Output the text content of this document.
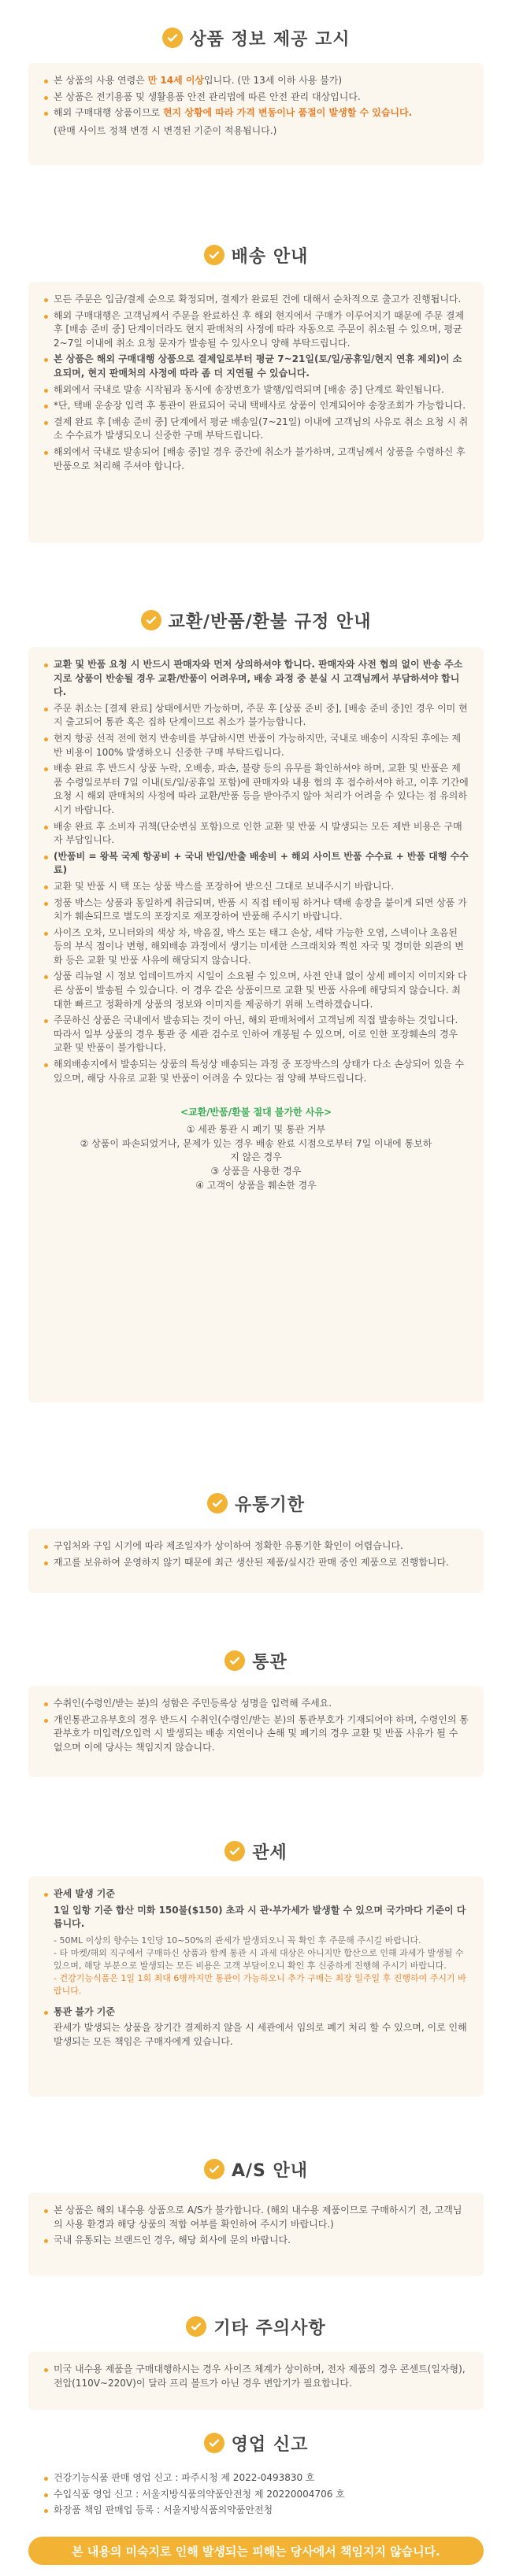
상품 정보 제공 고시
본 상품의 사용 연령은 만 14세 이상입니다. (만 13세 이하 사용 불가)
본 상품은 전기용품 및 생활용품 안전 관리법에 따른 안전 관리 대상입니다.
해외 구매대행 상품이므로 현지 상황에 따라 가격 변동이나 품절이 발생할 수 있습니다.
(판매 사이트 정책 변경 시 변경된 기준이 적용됩니다.)
배송 안내
모든 주문은 입금/결제 순으로 확정되며, 결제가 완료된 건에 대해서 순차적으로 출고가 진행됩니다.
해외 구매대행은 고객님께서 주문을 완료하신 후 해외 현지에서 구매가 이루어지기 때문에 주문 결제 후 [배송 준비 중] 단계이더라도 현지 판매처의 사정에 따라 자동으로 주문이 취소될 수 있으며, 평균 2~7일 이내에 취소 요청 문자가 발송될 수 있사오니 양해 부탁드립니다.
본 상품은 해외 구매대행 상품으로 결제일로부터 평균 7~21일(토/일/공휴일/현지 연휴 제외)이 소요되며, 현지 판매처의 사정에 따라 좀 더 지연될 수 있습니다.
해외에서 국내로 발송 시작됨과 동시에 송장번호가 발행/입력되며 [배송 중] 단계로 확인됩니다.
*단, 택배 운송장 입력 후 통관이 완료되어 국내 택배사로 상품이 인계되어야 송장조회가 가능합니다.
결제 완료 후 [배송 준비 중] 단계에서 평균 배송일(7~21일) 이내에 고객님의 사유로 취소 요청 시 취소 수수료가 발생되오니 신중한 구매 부탁드립니다.
해외에서 국내로 발송되어 [배송 중]일 경우 중간에 취소가 불가하며, 고객님께서 상품을 수령하신 후 반품으로 처리해 주셔야 합니다.
교환/반품/환불 규정 안내
교환 및 반품 요청 시 반드시 판매자와 먼저 상의하셔야 합니다. 판매자와 사전 협의 없이 반송 주소지로 상품이 반송될 경우 교환/반품이 어려우며, 배송 과정 중 분실 시 고객님께서 부담하셔야 합니다.
주문 취소는 [결제 완료] 상태에서만 가능하며, 주문 후 [상품 준비 중], [배송 준비 중]인 경우 이미 현지 출고되어 통관 혹은 집하 단계이므로 취소가 불가능합니다.
현지 항공 선적 전에 현지 반송비를 부담하시면 반품이 가능하지만, 국내로 배송이 시작된 후에는 제반 비용이 100% 발생하오니 신중한 구매 부탁드립니다.
배송 완료 후 반드시 상품 누락, 오배송, 파손, 불량 등의 유무를 확인하셔야 하며, 교환 및 반품은 제품 수령일로부터 7일 이내(토/일/공휴일 포함)에 판매자와 내용 협의 후 접수하셔야 하고, 이후 기간에 요청 시 해외 판매처의 사정에 따라 교환/반품 등을 받아주지 않아 처리가 어려울 수 있다는 점 유의하시기 바랍니다.
배송 완료 후 소비자 귀책(단순변심 포함)으로 인한 교환 및 반품 시 발생되는 모든 제반 비용은 구매자 부담입니다.
(반품비 = 왕복 국제 항공비 + 국내 반입/반출 배송비 + 해외 사이트 반품 수수료 + 반품 대행 수수료)
교환 및 반품 시 택 또는 상품 박스를 포장하여 받으신 그대로 보내주시기 바랍니다.
정품 박스는 상품과 동일하게 취급되며, 반품 시 직접 테이핑 하거나 택배 송장을 붙이게 되면 상품 가치가 훼손되므로 별도의 포장지로 재포장하여 반품해 주시기 바랍니다.
사이즈 오차, 모니터와의 색상 차, 박음질, 박스 또는 태그 손상, 세탁 가능한 오염, 스넥이나 초음된 등의 부식 점이나 변형, 해외배송 과정에서 생기는 미세한 스크래치와 찍힌 자국 및 경미한 외관의 변화 등은 교환 및 반품 사유에 해당되지 않습니다.
상품 리뉴얼 시 정보 업데이트까지 시일이 소요될 수 있으며, 사전 안내 없이 상세 페이지 이미지와 다른 상품이 발송될 수 있습니다. 이 경우 같은 상품이므로 교환 및 반품 사유에 해당되지 않습니다. 최대한 빠르고 정확하게 상품의 정보와 이미지를 제공하기 위해 노력하겠습니다.
주문하신 상품은 국내에서 발송되는 것이 아닌, 해외 판매처에서 고객님께 직접 발송하는 것입니다. 따라서 일부 상품의 경우 통관 중 세관 검수로 인하여 개봉될 수 있으며, 이로 인한 포장훼손의 경우 교환 및 반품이 불가합니다.
해외배송지에서 발송되는 상품의 특성상 배송되는 과정 중 포장박스의 상태가 다소 손상되어 있을 수 있으며, 해당 사유로 교환 및 반품이 어려울 수 있다는 점 양해 부탁드립니다.
<교환/반품/환불 절대 불가한 사유>
① 세관 통관 시 폐기 및 통관 거부
② 상품이 파손되었거나, 문제가 있는 경우 배송 완료 시점으로부터 7일 이내에 통보하지 않은 경우
③ 상품을 사용한 경우
④ 고객이 상품을 훼손한 경우
유통기한
구입처와 구입 시기에 따라 제조일자가 상이하여 정확한 유통기한 확인이 어렵습니다.
재고를 보유하여 운영하지 않기 때문에 최근 생산된 제품/실시간 판매 중인 제품으로 진행합니다.
통관
수취인(수령인/받는 분)의 성함은 주민등록상 성명을 입력해 주세요.
개인통관고유부호의 경우 반드시 수취인(수령인/받는 분)의 통관부호가 기재되어야 하며, 수령인의 통관부호가 미입력/오입력 시 발생되는 배송 지연이나 손해 및 폐기의 경우 교환 및 반품 사유가 될 수 없으며 이에 당사는 책임지지 않습니다.
관세
관세 발생 기준
1일 입항 기준 합산 미화 150불($150) 초과 시 관·부가세가 발생할 수 있으며 국가마다 기준이 다릅니다.
- 50ML 이상의 향수는 1인당 10~50%의 관세가 발생되오니 꼭 확인 후 주문해 주시길 바랍니다.
- 타 마켓/해외 직구에서 구매하신 상품과 함께 통관 시 과세 대상은 아니지만 합산으로 인해 과세가 발생될 수 있으며, 해당 부분으로 발생되는 모든 비용은 고객 부담이오니 확인 후 신중하게 진행해 주시기 바랍니다.
- 건강기능식품은 1일 1회 최대 6병까지만 통관이 가능하오니 추가 구매는 최장 일주일 후 진행하여 주시기 바랍니다.
통관 불가 기준
관세가 발생되는 상품을 장기간 결제하지 않을 시 세관에서 임의로 폐기 처리 할 수 있으며, 이로 인해 발생되는 모든 책임은 구매자에게 있습니다.
A/S 안내
본 상품은 해외 내수용 상품으로 A/S가 불가합니다. (해외 내수용 제품이므로 구매하시기 전, 고객님의 사용 환경과 해당 상품의 적합 여부를 확인하여 주시기 바랍니다.)
국내 유통되는 브랜드인 경우, 해당 회사에 문의 바랍니다.
기타 주의사항
미국 내수용 제품을 구매대행하시는 경우 사이즈 체계가 상이하며, 전자 제품의 경우 콘센트(일자형), 전압(110V~220V)이 달라 프리 볼트가 아닌 경우 변압기가 필요합니다.
영업 신고
건강기능식품 판매 영업 신고 : 파주시청 제 2022-0493830 호
수입식품 영업 신고 : 서울지방식품의약품안전청 제 20220004706 호
화장품 책임 판매업 등록 : 서울지방식품의약품안전청
본 내용의 미숙지로 인해 발생되는 피해는 당사에서 책임지지 않습니다.
